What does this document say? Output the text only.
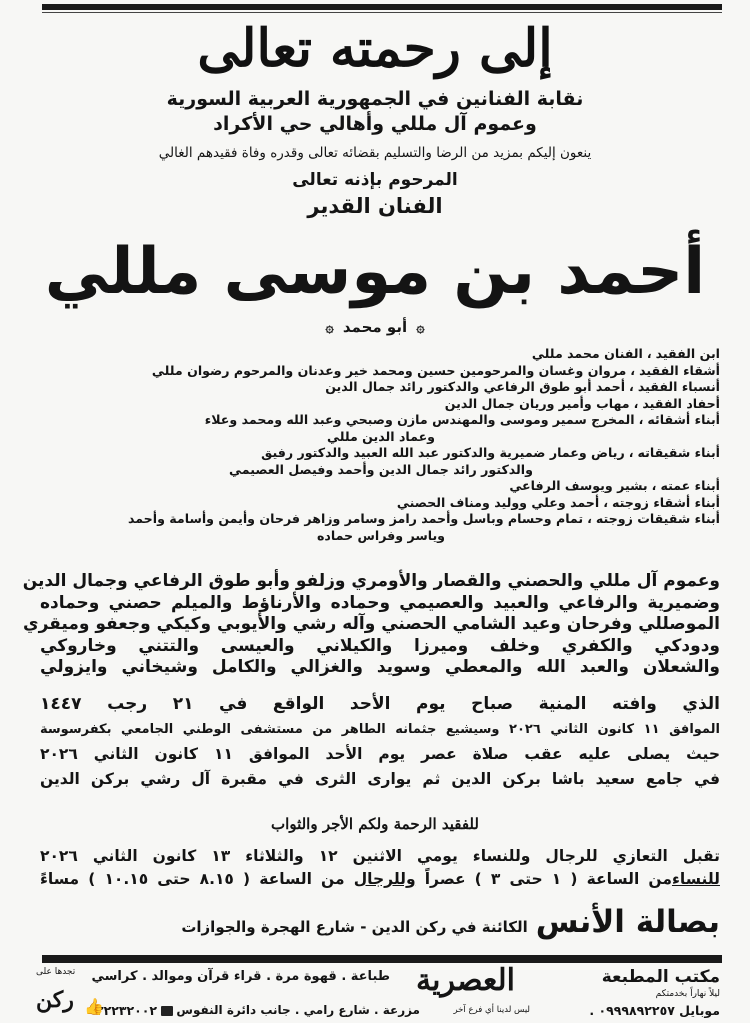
إلى رحمته تعالى
نقابة الفنانين في الجمهورية العربية السورية
وعموم آل مللي وأهالي حي الأكراد
ينعون إليكم بمزيد من الرضا والتسليم بقضائه تعالى وقدره وفاة فقيدهم الغالي
المرحوم بإذنه تعالى
الفنان القدير
أحمد بن موسى مللي
۞ أبو محمد ۞
ابن الفقيد
،
الفنان محمد مللي
أشقاء الفقيد
،
مروان وغسان والمرحومين حسين ومحمد خير وعدنان والمرحوم رضوان مللي
أنسباء الفقيد
،
أحمد أبو طوق الرفاعي والدكتور رائد جمال الدين
أحفاد الفقيد
،
مهاب وأمير وريان جمال الدين
أبناء أشقائه
،
المخرج سمير وموسى والمهندس مازن وصبحي وعبد الله ومحمد وعلاء
وعماد الدين مللي
أبناء شقيقاته
،
رياض وعمار ضميرية والدكتور عبد الله العبيد والدكتور رفيق
والدكتور رائد جمال الدين وأحمد وفيصل العصيمي
أبناء عمته
،
بشير ويوسف الرفاعي
أبناء أشقاء زوجته
،
أحمد وعلي ووليد ومناف الحصني
أبناء شقيقات زوجته
،
تمام وحسام وباسل وأحمد رامز وسامر وزاهر فرحان وأيمن وأسامة وأحمد
وياسر وفراس حماده
وعموم آل مللي والحصني والقصار والأومري وزلفو وأبو طوق الرفاعي وجمال الدين
وضميرية والرفاعي والعبيد والعصيمي وحماده والأرناؤط والميلم حصني وحماده
الموصللي وفرحان وعيد الشامي الحصني وآله رشي والأيوبي وكيكي وجعفو وميقري
ودودكي والكفري وخلف وميرزا والكيلاني والعيسى والتتني وخاروكي
والشعلان والعبد الله والمعطي وسويد والغزالي والكامل وشيخاني وايزولي
الذي وافته المنية صباح يوم الأحد الواقع في ٢١ رجب ١٤٤٧
الموافق ١١ كانون الثاني ٢٠٢٦ وسيشيع جثمانه الطاهر من مستشفى الوطني الجامعي بكفرسوسة
حيث يصلى عليه عقب صلاة عصر يوم الأحد الموافق ١١ كانون الثاني ٢٠٢٦
في جامع سعيد باشا بركن الدين ثم يوارى الثرى في مقبرة آل رشي بركن الدين
للفقيد الرحمة ولكم الأجر والثواب
تقبل التعازي للرجال وللنساء يومي الاثنين ١٢ والثلاثاء ١٣ كانون الثاني ٢٠٢٦
للنساءمن الساعة ( ١ حتى ٣ ) عصراً وللرجال من الساعة ( ٨.١٥ حتى ١٠.١٥ ) مساءً
بصالة الأنس
الكائنة في ركن الدين - شارع الهجرة والجوازات
مكتب المطبعة
ليلاً نهاراً بخدمتكم
موبايل ٠٩٩٩٨٩٢٢٥٧ .
العصرية
طباعة . قهوة مرة . قراء قرآن وموالد . كراسي
ليس لدينا أي فرع آخر
مزرعة . شارع رامي . جانب دائرة النفوس
٢٢٢٣٢٠٠٢
👍
تجدها على
ركن
